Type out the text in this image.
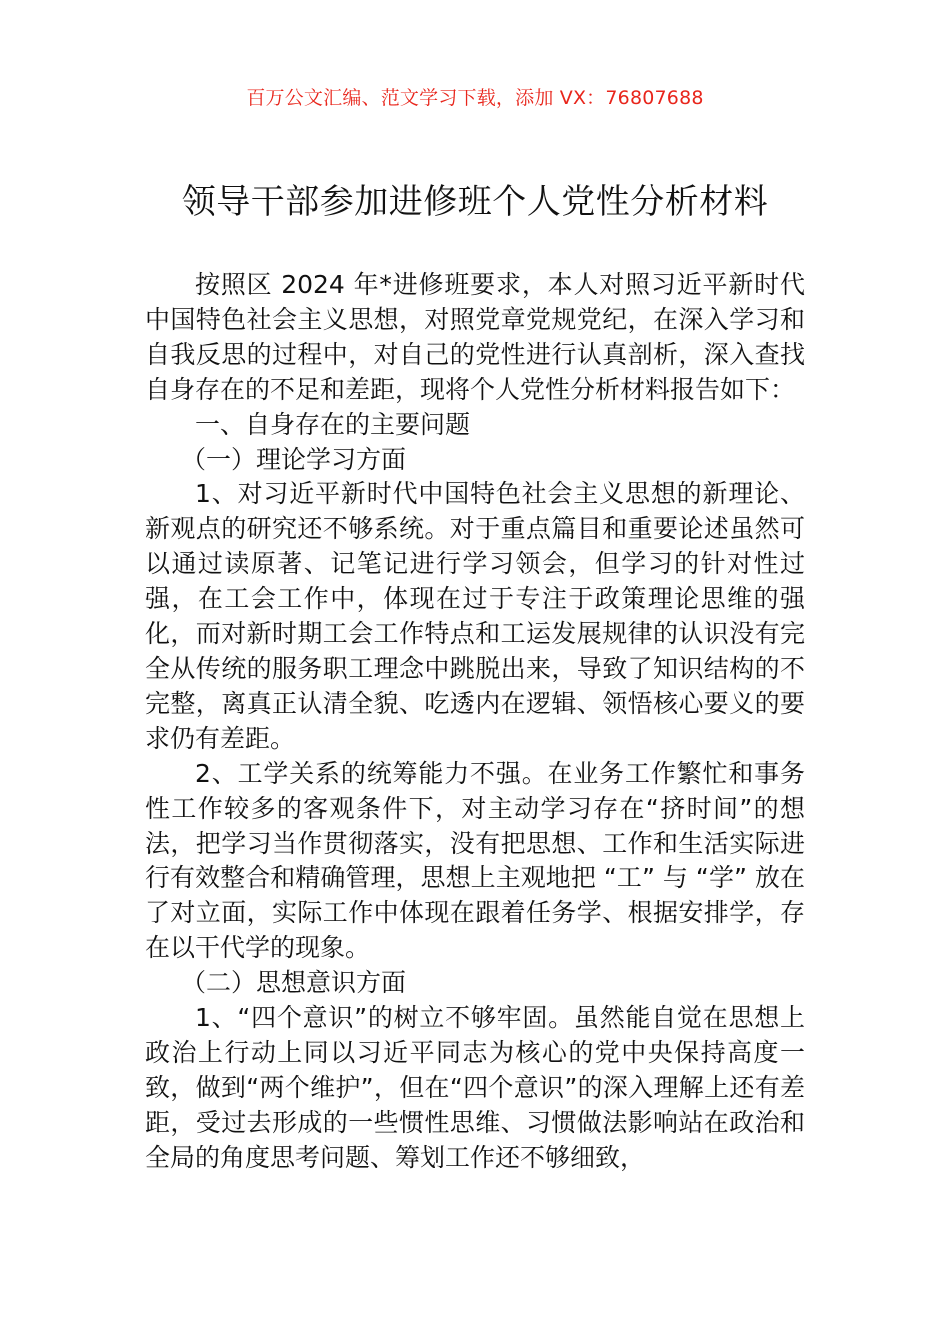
百万公文汇编、范文学习下载，添加 VX：76807688
领导干部参加进修班个人党性分析材料

按照区 2024 年*进修班要求，本人对照习近平新时代中国特色社会主义思想，对照党章党规党纪，在深入学习和自我反思的过程中，对自己的党性进行认真剖析，深入查找自身存在的不足和差距，现将个人党性分析材料报告如下：

一、自身存在的主要问题

（一）理论学习方面

1、对习近平新时代中国特色社会主义思想的新理论、新观点的研究还不够系统。对于重点篇目和重要论述虽然可以通过读原著、记笔记进行学习领会，但学习的针对性过强，在工会工作中，体现在过于专注于政策理论思维的强化，而对新时期工会工作特点和工运发展规律的认识没有完全从传统的服务职工理念中跳脱出来，导致了知识结构的不完整，离真正认清全貌、吃透内在逻辑、领悟核心要义的要求仍有差距。

2、工学关系的统筹能力不强。在业务工作繁忙和事务性工作较多的客观条件下，对主动学习存在“挤时间”的想法，把学习当作贯彻落实，没有把思想、工作和生活实际进行有效整合和精确管理，思想上主观地把 “工” 与 “学” 放在了对立面，实际工作中体现在跟着任务学、根据安排学，存在以干代学的现象。

（二）思想意识方面

1、“四个意识”的树立不够牢固。虽然能自觉在思想上政治上行动上同以习近平同志为核心的党中央保持高度一致，做到“两个维护”，但在“四个意识”的深入理解上还有差距，受过去形成的一些惯性思维、习惯做法影响站在政治和全局的角度思考问题、筹划工作还不够细致，
